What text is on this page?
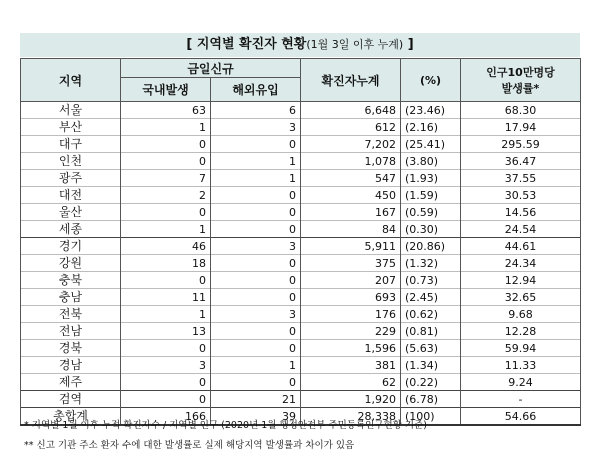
[ 지역별 확진자 현황(1월 3일 이후 누계) ]
지역	금일신규		확진자누계	(%)	인구10만명당
발생률*

	국내발생	해외유입			
서울	63	6	6,648	(23.46)	68.30
부산	1	3	612	(2.16)	17.94
대구	0	0	7,202	(25.41)	295.59
인천	0	1	1,078	(3.80)	36.47
광주	7	1	547	(1.93)	37.55
대전	2	0	450	(1.59)	30.53
울산	0	0	167	(0.59)	14.56
세종	1	0	84	(0.30)	24.54
경기	46	3	5,911	(20.86)	44.61
강원	18	0	375	(1.32)	24.34
충북	0	0	207	(0.73)	12.94
충남	11	0	693	(2.45)	32.65
전북	1	3	176	(0.62)	9.68
전남	13	0	229	(0.81)	12.28
경북	0	0	1,596	(5.63)	59.94
경남	3	1	381	(1.34)	11.33
제주	0	0	62	(0.22)	9.24
검역	0	21	1,920	(6.78)	-
총합계	166	39	28,338	(100)	54.66
* 지역별 1월 이후 누적 확진자수 / 지역별 인구 (2020년 1월 행정안전부 주민등록인구현황 기준)
** 신고 기관 주소 환자 수에 대한 발생률로 실제 해당지역 발생률과 차이가 있음
